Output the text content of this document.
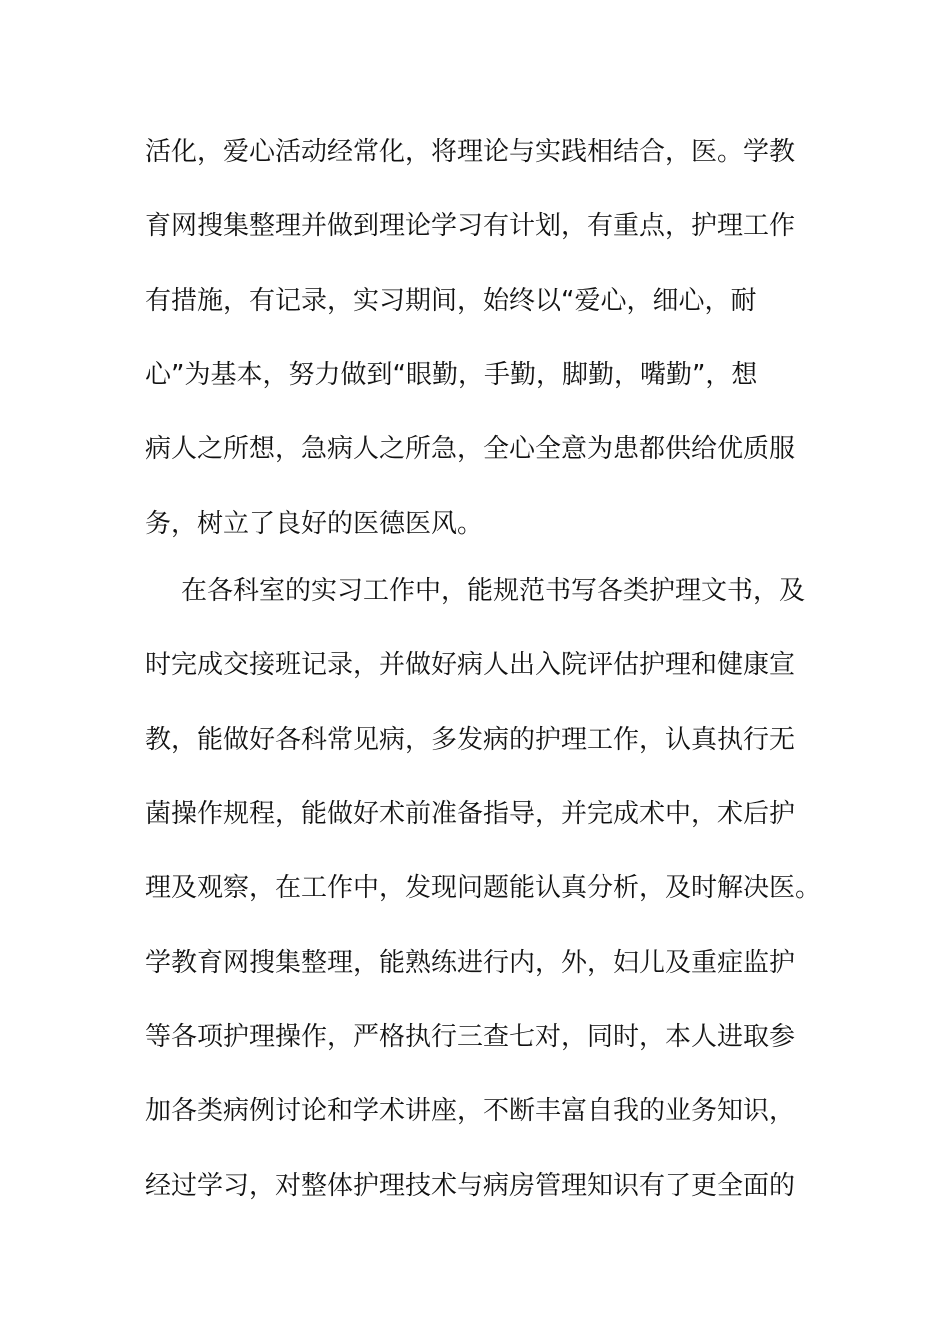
活化，爱心活动经常化，将理论与实践相结合，医。学教
育网搜集整理并做到理论学习有计划，有重点，护理工作
有措施，有记录，实习期间，始终以“爱心，细心，耐
心”为基本，努力做到“眼勤，手勤，脚勤，嘴勤”，想
病人之所想，急病人之所急，全心全意为患都供给优质服
务，树立了良好的医德医风。
在各科室的实习工作中，能规范书写各类护理文书，及
时完成交接班记录，并做好病人出入院评估护理和健康宣
教，能做好各科常见病，多发病的护理工作，认真执行无
菌操作规程，能做好术前准备指导，并完成术中，术后护
理及观察，在工作中，发现问题能认真分析，及时解决医。
学教育网搜集整理，能熟练进行内，外，妇儿及重症监护
等各项护理操作，严格执行三查七对，同时，本人进取参
加各类病例讨论和学术讲座，不断丰富自我的业务知识，
经过学习，对整体护理技术与病房管理知识有了更全面的
